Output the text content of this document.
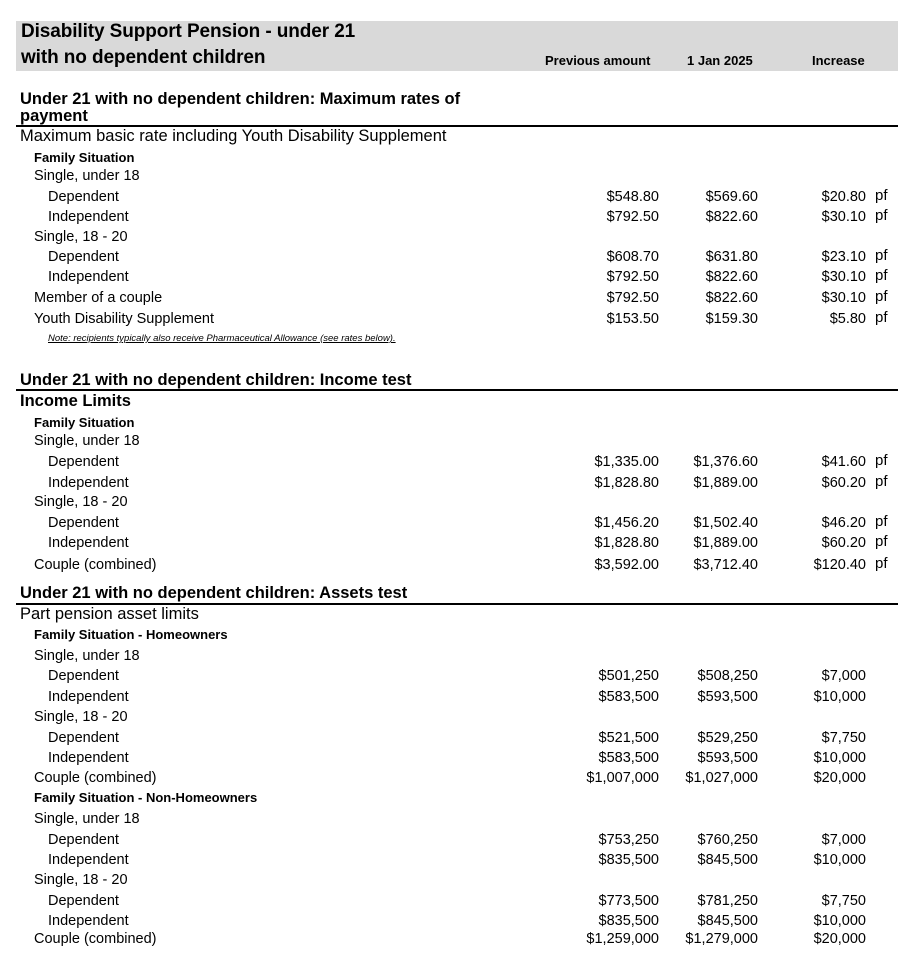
Disability Support Pension - under 21
with no dependent children	Previous amount	1 Jan 2025	Increase
Under 21 with no dependent children: Maximum rates of
payment
Maximum basic rate including Youth Disability Supplement
Family Situation
Single, under 18
Dependent	$548.80	$569.60	$20.80 pf
Independent	$792.50	$822.60	$30.10 pf
Single, 18 - 20
Dependent	$608.70	$631.80	$23.10 pf
Independent	$792.50	$822.60	$30.10 pf
Member of a couple	$792.50	$822.60	$30.10 pf
Youth Disability Supplement	$153.50	$159.30	$5.80 pf
Note: recipients typically also receive Pharmaceutical Allowance (see rates below).
Under 21 with no dependent children: Income test
Income Limits
Family Situation
Single, under 18
Dependent	$1,335.00 $1,376.60	$41.60 pf
Independent	$1,828.80 $1,889.00	$60.20 pf
Single, 18 - 20
Dependent	$1,456.20 $1,502.40	$46.20 pf
Independent	$1,828.80 $1,889.00	$60.20 pf
Couple (combined)	$3,592.00 $3,712.40	$120.40 pf
Under 21 with no dependent children: Assets test
Part pension asset limits
Family Situation - Homeowners
Single, under 18
Dependent	$501,250	$508,250	$7,000
Independent	$583,500	$593,500	$10,000
Single, 18 - 20
Dependent	$521,500	$529,250	$7,750
Independent	$583,500	$593,500	$10,000
Couple (combined)	$1,007,000 $1,027,000	$20,000
Family Situation - Non-Homeowners
Single, under 18
Dependent	$753,250	$760,250	$7,000
Independent	$835,500	$845,500	$10,000
Single, 18 - 20
Dependent	$773,500	$781,250	$7,750
Independent	$835,500	$845,500	$10,000
Couple (combined)	$1,259,000 $1,279,000	$20,000
